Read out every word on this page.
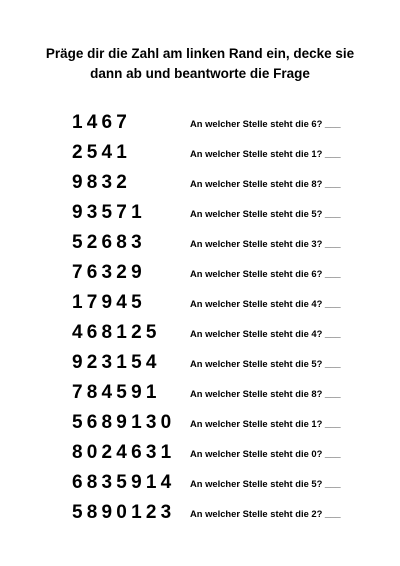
Präge dir die Zahl am linken Rand ein, decke sie
dann ab und beantworte die Frage
1467	An welcher Stelle steht die 6? ___
2541	An welcher Stelle steht die 1? ___
9832	An welcher Stelle steht die 8? ___
93571	An welcher Stelle steht die 5? ___
52683	An welcher Stelle steht die 3? ___
76329	An welcher Stelle steht die 6? ___
17945	An welcher Stelle steht die 4? ___
468125	An welcher Stelle steht die 4? ___
923154	An welcher Stelle steht die 5? ___
784591	An welcher Stelle steht die 8? ___
5689130 An welcher Stelle steht die 1? ___
8024631 An welcher Stelle steht die 0? ___
6835914 An welcher Stelle steht die 5? ___
5890123 An welcher Stelle steht die 2? ___
